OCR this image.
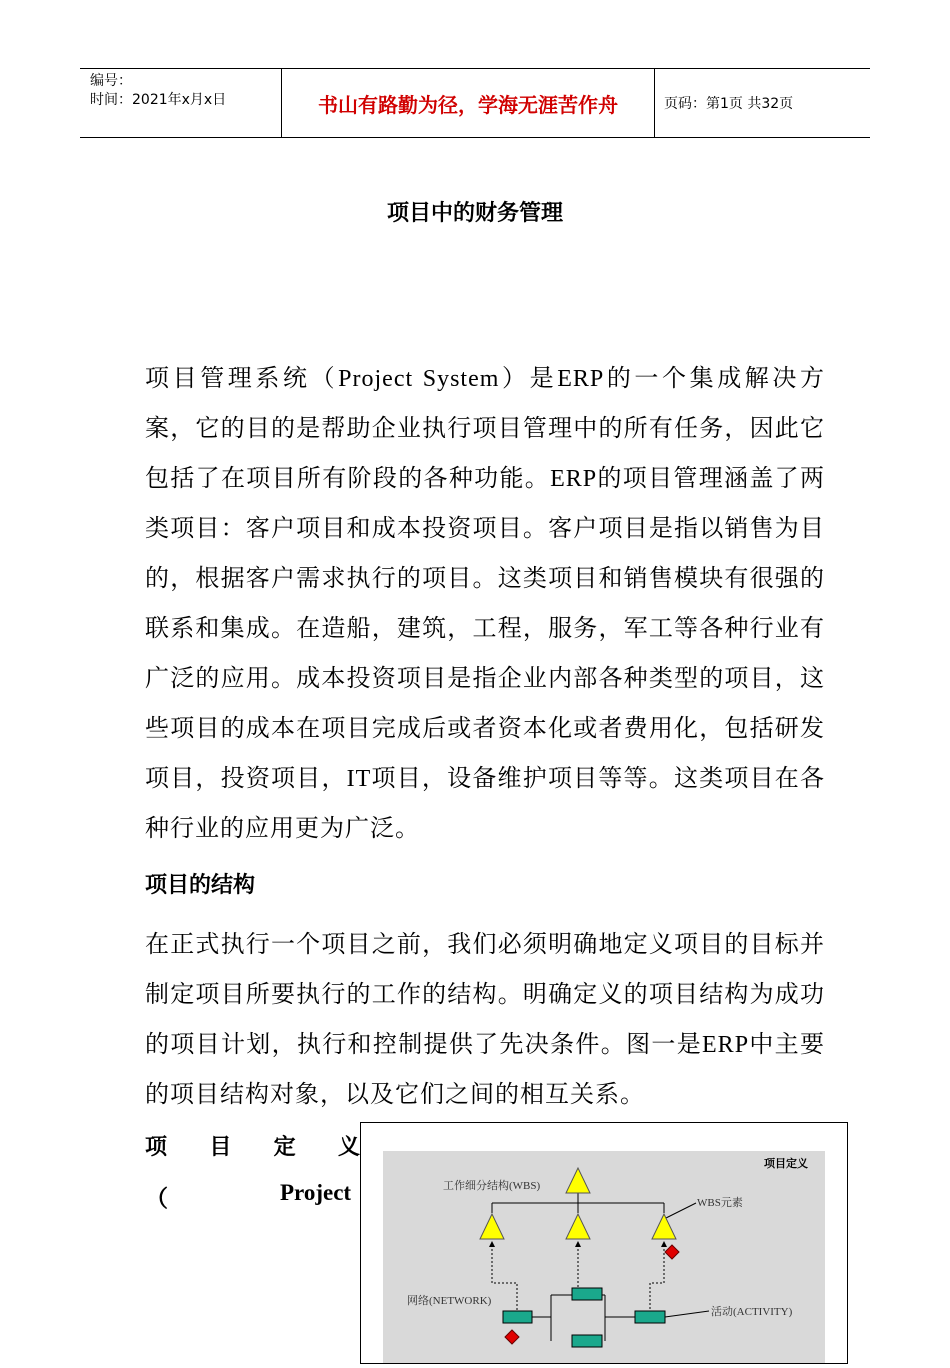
编号：
时间：2021年x月x日	书山有路勤为径，学海无涯苦作舟	页码：第1页 共32页
项目中的财务管理
项目管理系统（Project System）是ERP的一个集成解决方案，它的目的是帮助企业执行项目管理中的所有任务，因此它包括了在项目所有阶段的各种功能。ERP的项目管理涵盖了两类项目：客户项目和成本投资项目。客户项目是指以销售为目的，根据客户需求执行的项目。这类项目和销售模块有很强的联系和集成。在造船，建筑，工程，服务，军工等各种行业有广泛的应用。成本投资项目是指企业内部各种类型的项目，这些项目的成本在项目完成后或者资本化或者费用化，包括研发项目，投资项目，IT项目，设备维护项目等等。这类项目在各种行业的应用更为广泛。
项目的结构
在正式执行一个项目之前，我们必须明确地定义项目的目标并制定项目所要执行的工作的结构。明确定义的项目结构为成功的项目计划，执行和控制提供了先决条件。图一是ERP中主要的项目结构对象，以及它们之间的相互关系。
项 目 定 义
（	Project
项目定义
工作细分结构(WBS)
WBS元素
网络(NETWORK)
活动(ACTIVITY)
